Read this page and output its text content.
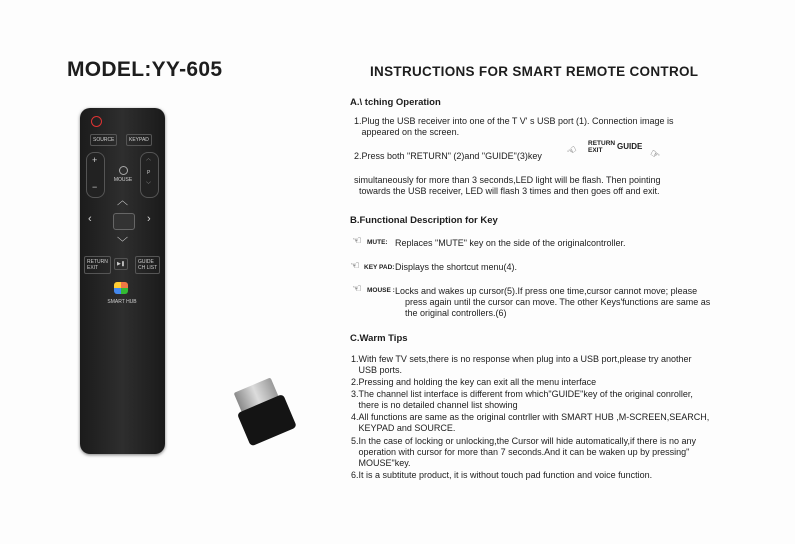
MODEL:YY-605
SOURCE	KEYPAD
+
−
MOUSE
︿
P
﹀
︿
‹	›
﹀
RETURN
EXIT
▶❚	GUIDE
CH LIST
SMART HUB
INSTRUCTIONS FOR SMART REMOTE CONTROL
A.\ tching Operation
1.Plug the USB receiver into one of the T V' s USB port (1). Connection image is
appeared on the screen.
2.Press both "RETURN" (2)and "GUIDE"(3)key ☜ RETURN
EXIT	GUIDE
☞
simultaneously for more than 3 seconds,LED light will be flash. Then pointing
towards the USB receiver, LED will flash 3 times and then goes off and exit.
B.Functional Description for Key
☜ MUTE: Replaces "MUTE" key on the side of the originalcontroller.
☜ KEY PAD: Displays the shortcut menu(4).
☜ MOUSE : Locks and wakes up cursor(5).If press one time,cursor cannot move; please
press again until the cursor can move. The other Keys'functions are same as
the original controllers.(6)
C.Warm Tips
1.With few TV sets,there is no response when plug into a USB port,please try another
USB ports.
2.Pressing and holding the key can exit all the menu interface
3.The channel list interface is different from which"GUIDE"key of the original conroller,
there is no detailed channel list showing
4.All functions are same as the original contrller with SMART HUB ,M-SCREEN,SEARCH,
KEYPAD and SOURCE.
5.In the case of locking or unlocking,the Cursor will hide automatically,if there is no any
operation with cursor for more than 7 seconds.And it can be waken up by pressing"
MOUSE"key.
6.It is a subtitute product, it is without touch pad function and voice function.
